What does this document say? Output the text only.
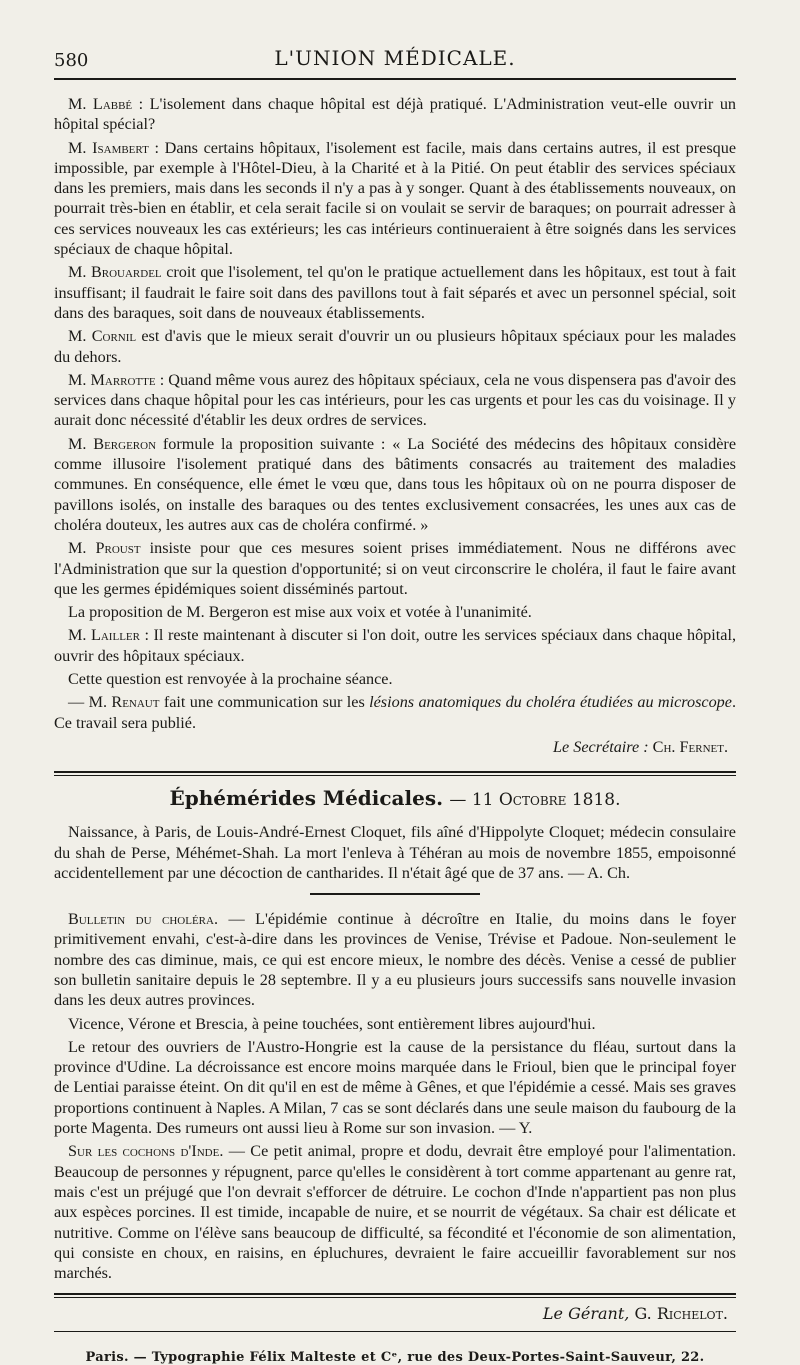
580	L'UNION MÉDICALE.

M. Labbé : L'isolement dans chaque hôpital est déjà pratiqué. L'Administration veut-elle ouvrir un hôpital spécial?

M. Isambert : Dans certains hôpitaux, l'isolement est facile, mais dans certains autres, il est presque impossible, par exemple à l'Hôtel-Dieu, à la Charité et à la Pitié. On peut établir des services spéciaux dans les premiers, mais dans les seconds il n'y a pas à y songer. Quant à des établissements nouveaux, on pourrait très-bien en établir, et cela serait facile si on voulait se servir de baraques; on pourrait adresser à ces services nouveaux les cas extérieurs; les cas intérieurs continueraient à être soignés dans les services spéciaux de chaque hôpital.

M. Brouardel croit que l'isolement, tel qu'on le pratique actuellement dans les hôpitaux, est tout à fait insuffisant; il faudrait le faire soit dans des pavillons tout à fait séparés et avec un personnel spécial, soit dans des baraques, soit dans de nouveaux établissements.

M. Cornil est d'avis que le mieux serait d'ouvrir un ou plusieurs hôpitaux spéciaux pour les malades du dehors.

M. Marrotte : Quand même vous aurez des hôpitaux spéciaux, cela ne vous dispensera pas d'avoir des services dans chaque hôpital pour les cas intérieurs, pour les cas urgents et pour les cas du voisinage. Il y aurait donc nécessité d'établir les deux ordres de services.

M. Bergeron formule la proposition suivante : « La Société des médecins des hôpitaux considère comme illusoire l'isolement pratiqué dans des bâtiments consacrés au traitement des maladies communes. En conséquence, elle émet le vœu que, dans tous les hôpitaux où on ne pourra disposer de pavillons isolés, on installe des baraques ou des tentes exclusivement consacrées, les unes aux cas de choléra douteux, les autres aux cas de choléra confirmé. »

M. Proust insiste pour que ces mesures soient prises immédiatement. Nous ne différons avec l'Administration que sur la question d'opportunité; si on veut circonscrire le choléra, il faut le faire avant que les germes épidémiques soient disséminés partout.

La proposition de M. Bergeron est mise aux voix et votée à l'unanimité.

M. Lailler : Il reste maintenant à discuter si l'on doit, outre les services spéciaux dans chaque hôpital, ouvrir des hôpitaux spéciaux.

Cette question est renvoyée à la prochaine séance.

— M. Renaut fait une communication sur les lésions anatomiques du choléra étudiées au microscope. Ce travail sera publié.

Le Secrétaire : Ch. Fernet.
Éphémérides Médicales. — 11 Octobre 1818.

Naissance, à Paris, de Louis-André-Ernest Cloquet, fils aîné d'Hippolyte Cloquet; médecin consulaire du shah de Perse, Méhémet-Shah. La mort l'enleva à Téhéran au mois de novembre 1855, empoisonné accidentellement par une décoction de cantharides. Il n'était âgé que de 37 ans. — A. Ch.

Bulletin du choléra. — L'épidémie continue à décroître en Italie, du moins dans le foyer primitivement envahi, c'est-à-dire dans les provinces de Venise, Trévise et Padoue. Non-seulement le nombre des cas diminue, mais, ce qui est encore mieux, le nombre des décès. Venise a cessé de publier son bulletin sanitaire depuis le 28 septembre. Il y a eu plusieurs jours successifs sans nouvelle invasion dans les deux autres provinces.

Vicence, Vérone et Brescia, à peine touchées, sont entièrement libres aujourd'hui.

Le retour des ouvriers de l'Austro-Hongrie est la cause de la persistance du fléau, surtout dans la province d'Udine. La décroissance est encore moins marquée dans le Frioul, bien que le principal foyer de Lentiai paraisse éteint. On dit qu'il en est de même à Gênes, et que l'épidémie a cessé. Mais ses graves proportions continuent à Naples. A Milan, 7 cas se sont déclarés dans une seule maison du faubourg de la porte Magenta. Des rumeurs ont aussi lieu à Rome sur son invasion. — Y.

Sur les cochons d'Inde. — Ce petit animal, propre et dodu, devrait être employé pour l'alimentation. Beaucoup de personnes y répugnent, parce qu'elles le considèrent à tort comme appartenant au genre rat, mais c'est un préjugé que l'on devrait s'efforcer de détruire. Le cochon d'Inde n'appartient pas non plus aux espèces porcines. Il est timide, incapable de nuire, et se nourrit de végétaux. Sa chair est délicate et nutritive. Comme on l'élève sans beaucoup de difficulté, sa fécondité et l'économie de son alimentation, qui consiste en choux, en raisins, en épluchures, devraient le faire accueillir favorablement sur nos marchés.

Le Gérant, G. Richelot.
Paris. — Typographie Félix Malteste et Cᵉ, rue des Deux-Portes-Saint-Sauveur, 22.
